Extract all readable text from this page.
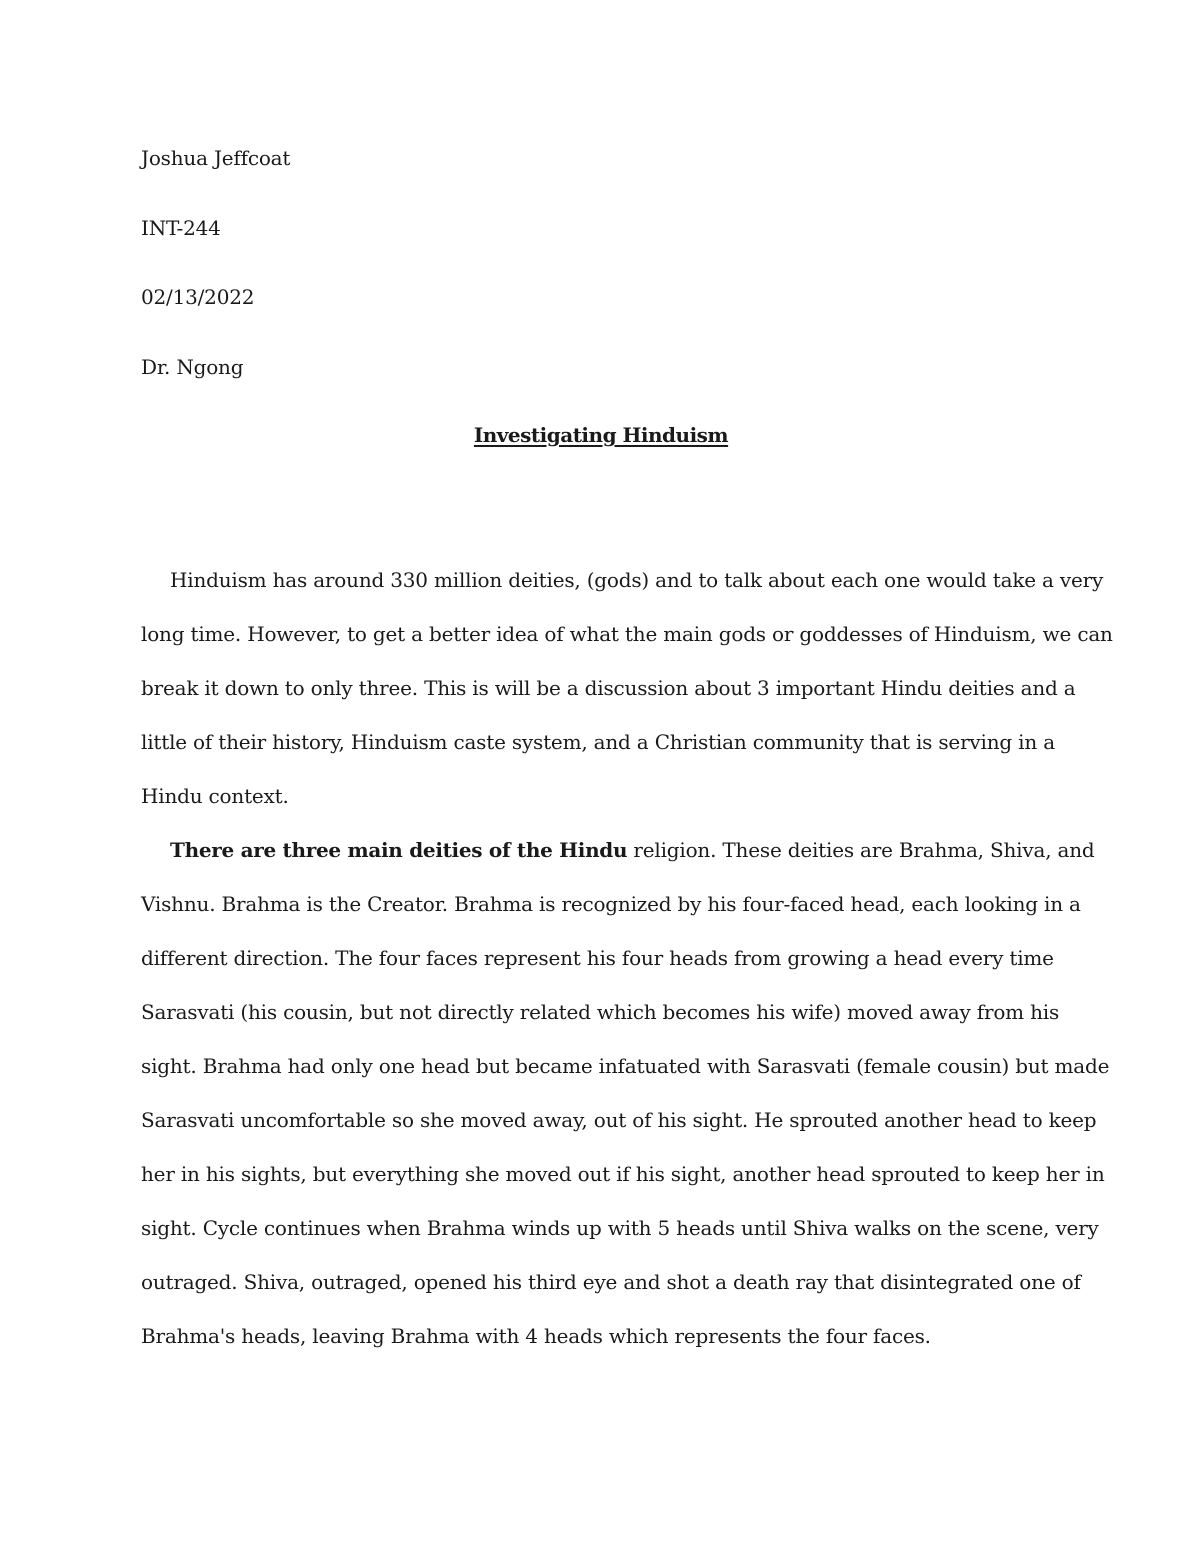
Joshua Jeffcoat
INT-244
02/13/2022
Dr. Ngong
Investigating Hinduism
Hinduism has around 330 million deities, (gods) and to talk about each one would take a very
long time. However, to get a better idea of what the main gods or goddesses of Hinduism, we can
break it down to only three. This is will be a discussion about 3 important Hindu deities and a
little of their history, Hinduism caste system, and a Christian community that is serving in a
Hindu context.
There are three main deities of the Hindu religion. These deities are Brahma, Shiva, and
Vishnu. Brahma is the Creator. Brahma is recognized by his four-faced head, each looking in a
different direction. The four faces represent his four heads from growing a head every time
Sarasvati (his cousin, but not directly related which becomes his wife) moved away from his
sight. Brahma had only one head but became infatuated with Sarasvati (female cousin) but made
Sarasvati uncomfortable so she moved away, out of his sight. He sprouted another head to keep
her in his sights, but everything she moved out if his sight, another head sprouted to keep her in
sight. Cycle continues when Brahma winds up with 5 heads until Shiva walks on the scene, very
outraged. Shiva, outraged, opened his third eye and shot a death ray that disintegrated one of
Brahma's heads, leaving Brahma with 4 heads which represents the four faces.
